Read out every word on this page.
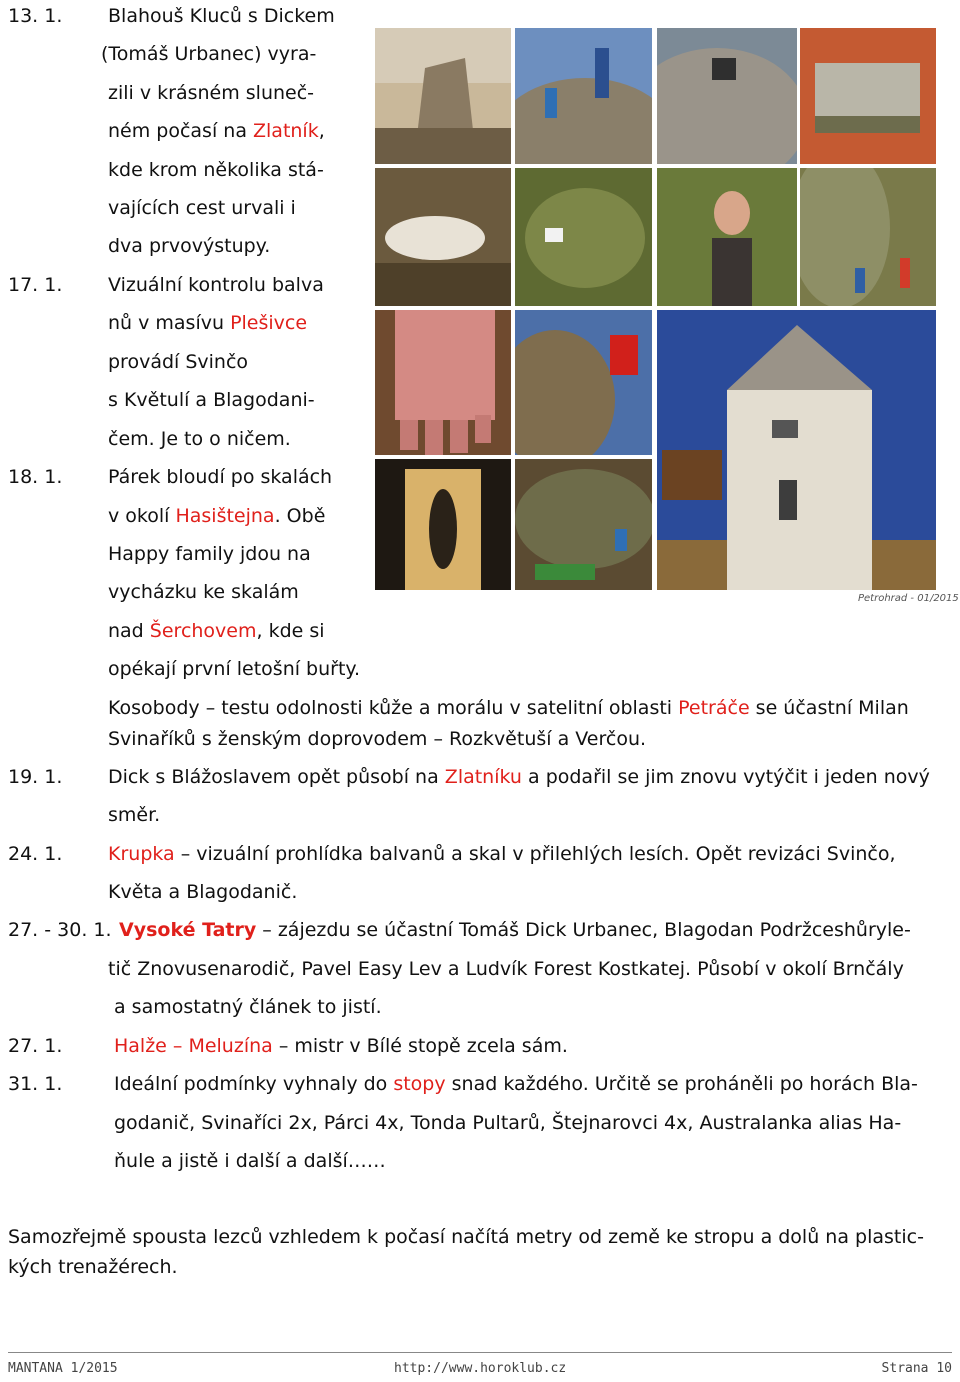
Petrohrad - 01/2015
13. 1. Blahouš Kluců s Dickem
(Tomáš Urbanec) vyra-
zili v krásném sluneč-
ném počasí na Zlatník,
kde krom několika stá-
vajících cest urvali i
dva prvovýstupy.
17. 1. Vizuální kontrolu balva
nů v masívu Plešivce
provádí Svinčo
s Květulí a Blagodani-
čem. Je to o ničem.
18. 1. Párek bloudí po skalách
v okolí Hasištejna. Obě
Happy family jdou na
vycházku ke skalám
nad Šerchovem, kde si
opékají první letošní buřty.
Kosobody – testu odolnosti kůže a morálu v satelitní oblasti Petráče se účastní Milan
Svinaříků s ženským doprovodem – Rozkvětuší a Verčou.
19. 1. Dick s Blážoslavem opět působí na Zlatníku a podařil se jim znovu vytýčit i jeden nový
směr.
24. 1. Krupka – vizuální prohlídka balvanů a skal v přilehlých lesích. Opět revizáci Svinčo,
Květa a Blagodanič.
27. - 30. 1. Vysoké Tatry – zájezdu se účastní Tomáš Dick Urbanec, Blagodan Podržceshůryle-
tič Znovusenarodič, Pavel Easy Lev a Ludvík Forest Kostkatej. Působí v okolí Brnčály
a samostatný článek to jistí.
27. 1.	Halže – Meluzína – mistr v Bílé stopě zcela sám.
31. 1.	Ideální podmínky vyhnaly do stopy snad každého. Určitě se proháněli po horách Bla-
godanič, Svinaříci 2x, Párci 4x, Tonda Pultarů, Štejnarovci 4x, Australanka alias Ha-
ňule a jistě i další a další……
Samozřejmě spousta lezců vzhledem k počasí načítá metry od země ke stropu a dolů na plastic-
kých trenažérech.
MANTANA 1/2015	http://www.horoklub.cz	Strana 10
